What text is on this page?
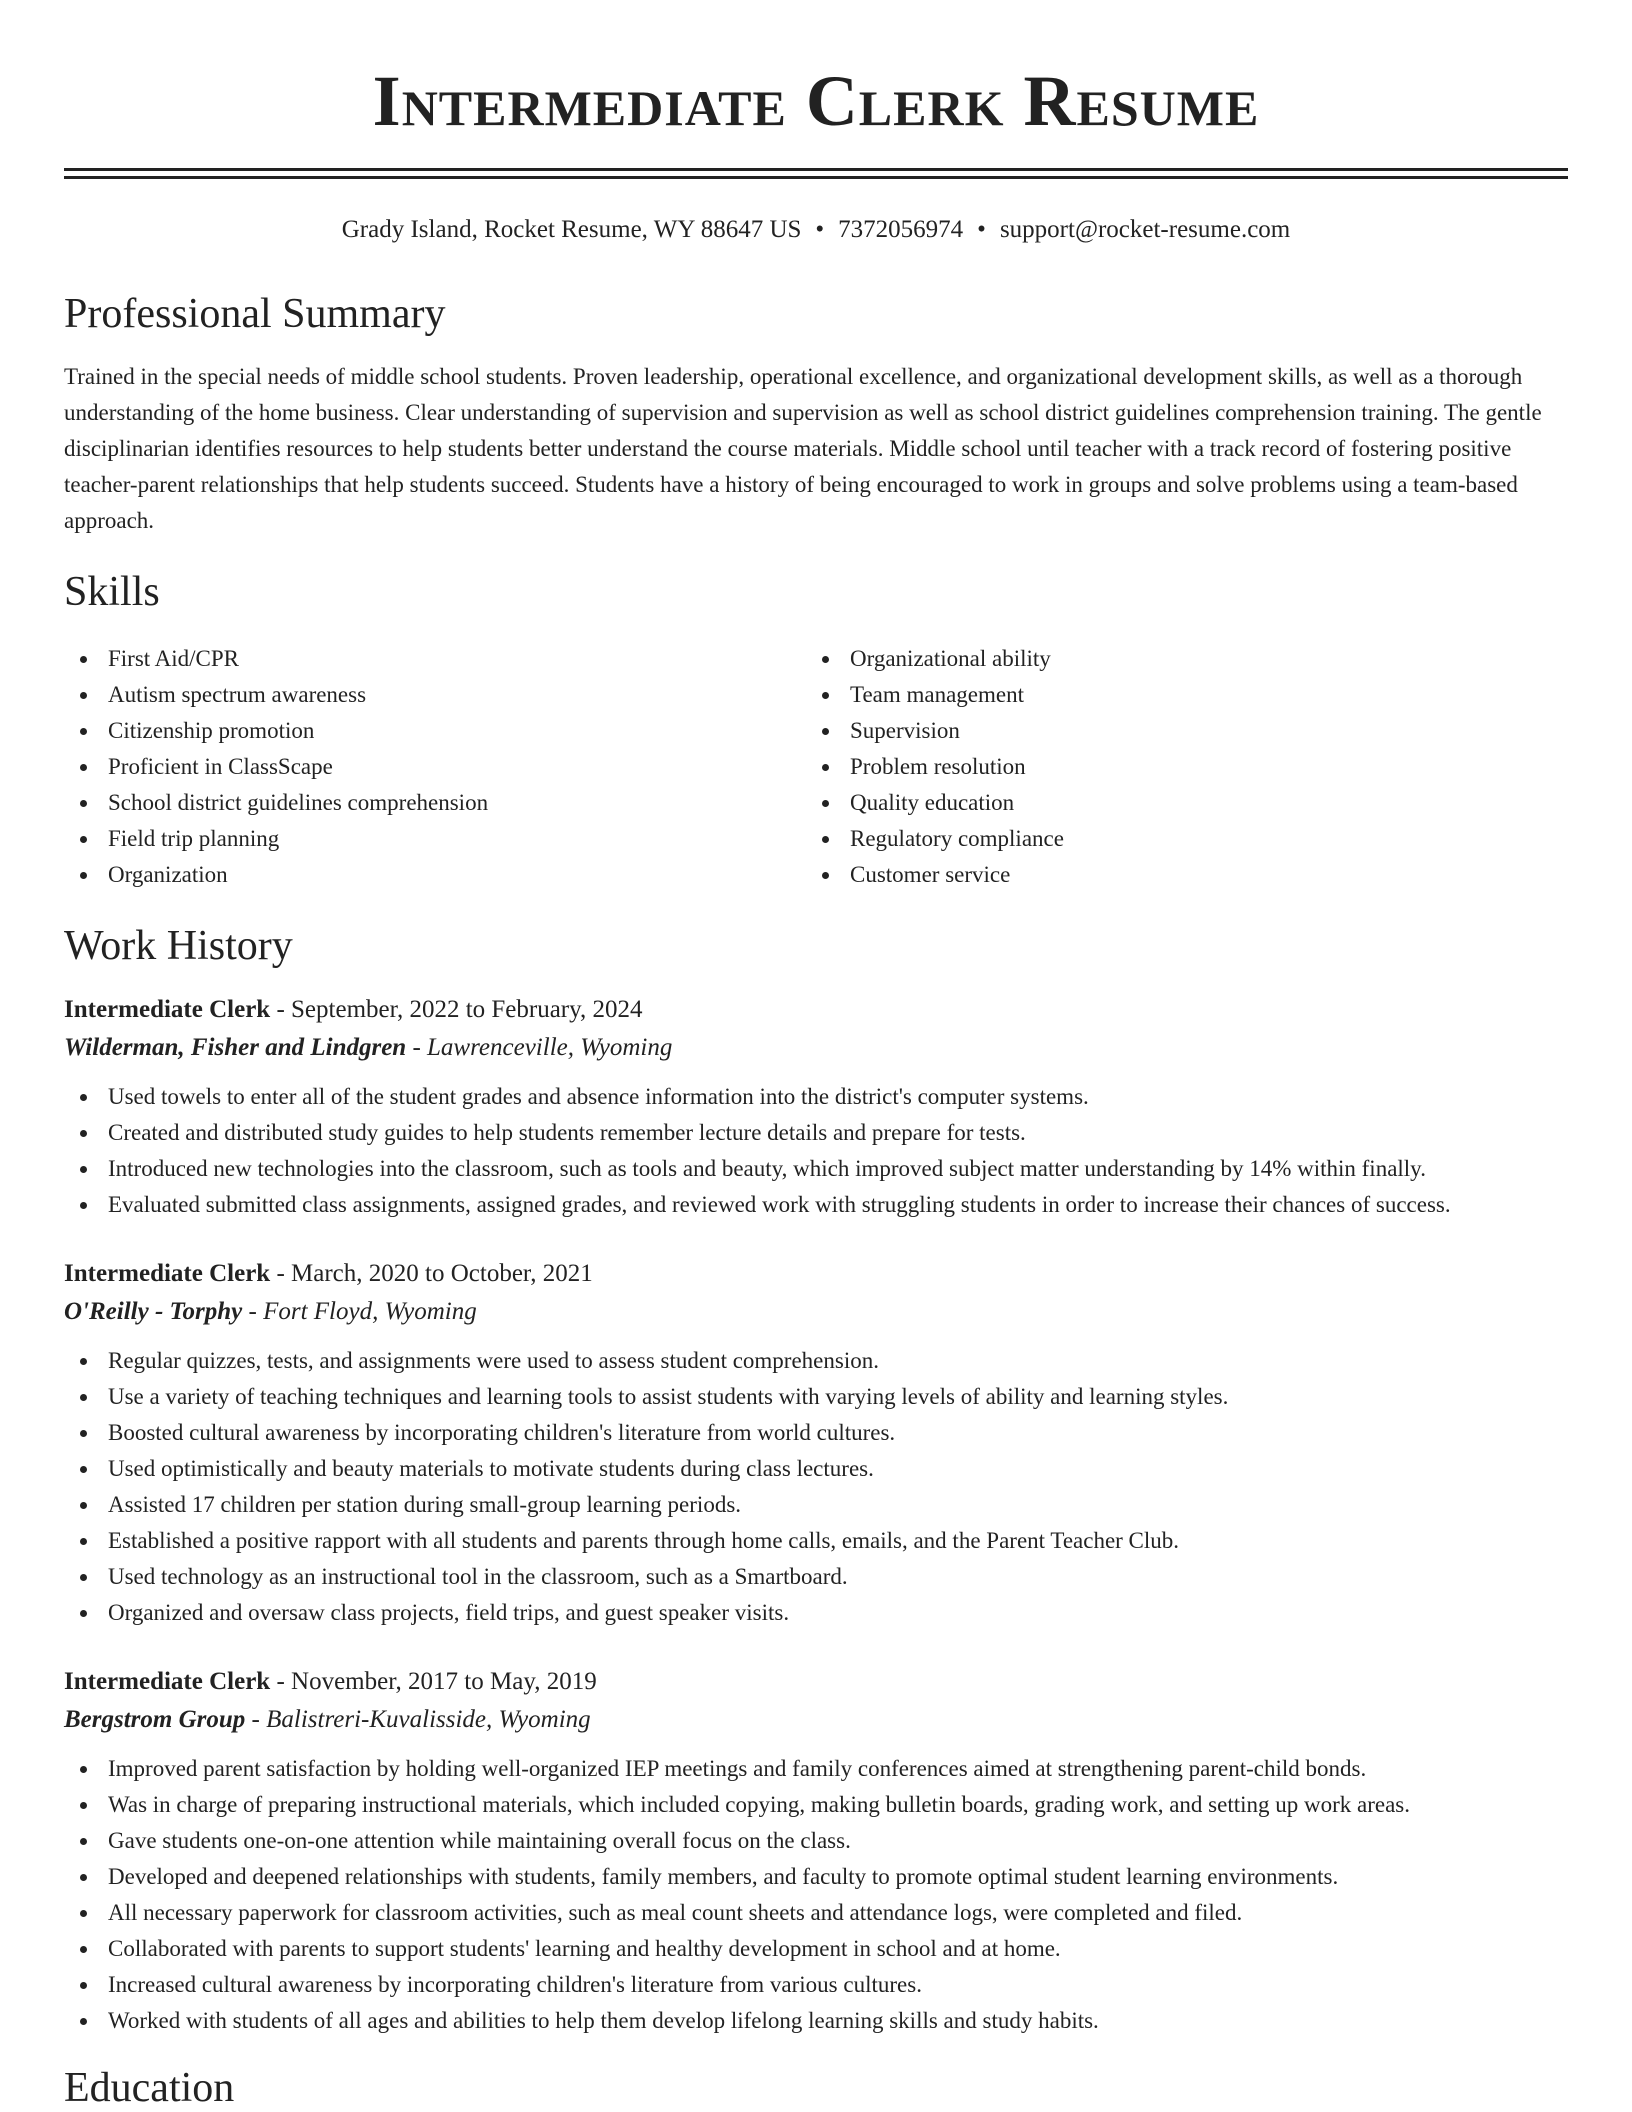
Intermediate Clerk Resume
Grady Island, Rocket Resume, WY 88647 US • 7372056974 • support@rocket-resume.com
Professional Summary

Trained in the special needs of middle school students. Proven leadership, operational excellence, and organizational development skills, as well as a thorough understanding of the home business. Clear understanding of supervision and supervision as well as school district guidelines comprehension training. The gentle disciplinarian identifies resources to help students better understand the course materials. Middle school until teacher with a track record of fostering positive teacher-parent relationships that help students succeed. Students have a history of being encouraged to work in groups and solve problems using a team-based approach.

Skills
First Aid/CPR
Autism spectrum awareness
Citizenship promotion
Proficient in ClassScape
School district guidelines comprehension
Field trip planning
Organization
Organizational ability
Team management
Supervision
Problem resolution
Quality education
Regulatory compliance
Customer service
Work History
Intermediate Clerk - September, 2022 to February, 2024
Wilderman, Fisher and Lindgren - Lawrenceville, Wyoming
Used towels to enter all of the student grades and absence information into the district's computer systems.
Created and distributed study guides to help students remember lecture details and prepare for tests.
Introduced new technologies into the classroom, such as tools and beauty, which improved subject matter understanding by 14% within finally.
Evaluated submitted class assignments, assigned grades, and reviewed work with struggling students in order to increase their chances of success.
Intermediate Clerk - March, 2020 to October, 2021
O'Reilly - Torphy - Fort Floyd, Wyoming
Regular quizzes, tests, and assignments were used to assess student comprehension.
Use a variety of teaching techniques and learning tools to assist students with varying levels of ability and learning styles.
Boosted cultural awareness by incorporating children's literature from world cultures.
Used optimistically and beauty materials to motivate students during class lectures.
Assisted 17 children per station during small-group learning periods.
Established a positive rapport with all students and parents through home calls, emails, and the Parent Teacher Club.
Used technology as an instructional tool in the classroom, such as a Smartboard.
Organized and oversaw class projects, field trips, and guest speaker visits.
Intermediate Clerk - November, 2017 to May, 2019
Bergstrom Group - Balistreri-Kuvalisside, Wyoming
Improved parent satisfaction by holding well-organized IEP meetings and family conferences aimed at strengthening parent-child bonds.
Was in charge of preparing instructional materials, which included copying, making bulletin boards, grading work, and setting up work areas.
Gave students one-on-one attention while maintaining overall focus on the class.
Developed and deepened relationships with students, family members, and faculty to promote optimal student learning environments.
All necessary paperwork for classroom activities, such as meal count sheets and attendance logs, were completed and filed.
Collaborated with parents to support students' learning and healthy development in school and at home.
Increased cultural awareness by incorporating children's literature from various cultures.
Worked with students of all ages and abilities to help them develop lifelong learning skills and study habits.
Education
